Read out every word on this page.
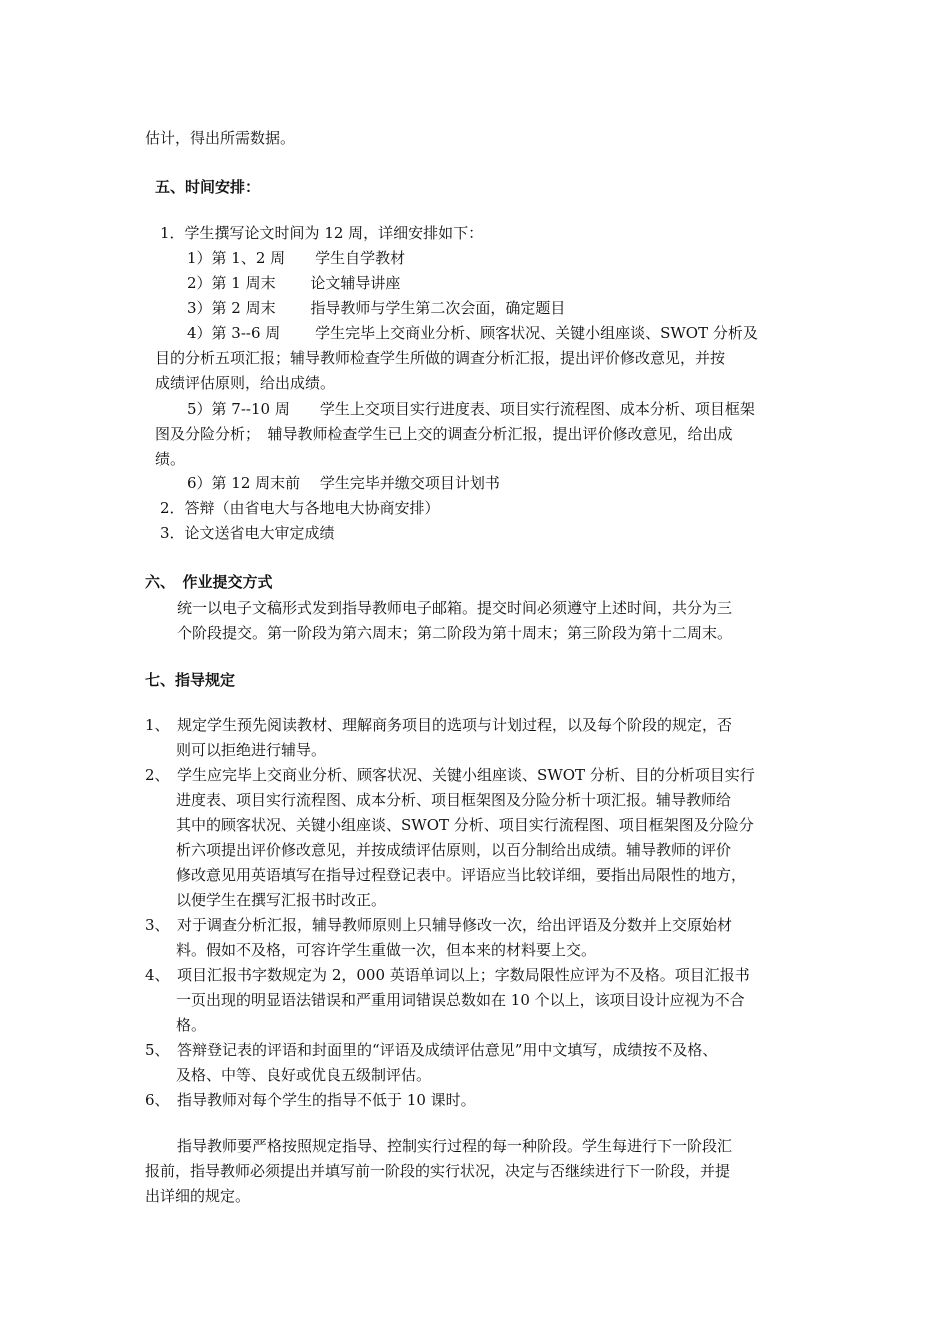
估计，得出所需数据。
五、时间安排：
1．学生撰写论文时间为 12 周，详细安排如下：
1）第 1、2 周　　学生自学教材
2）第 1 周末　　 论文辅导讲座
3）第 2 周末　　 指导教师与学生第二次会面，确定题目
4）第 3--6 周　　 学生完毕上交商业分析、顾客状况、关键小组座谈、SWOT 分析及
目的分析五项汇报；辅导教师检查学生所做的调查分析汇报，提出评价修改意见，并按
成绩评估原则，给出成绩。
5）第 7--10 周　　学生上交项目实行进度表、项目实行流程图、成本分析、项目框架
图及分险分析；　辅导教师检查学生已上交的调查分析汇报，提出评价修改意见，给出成
绩。
6）第 12 周末前　 学生完毕并缴交项目计划书
2．答辩（由省电大与各地电大协商安排）
3．论文送省电大审定成绩
六、　作业提交方式
统一以电子文稿形式发到指导教师电子邮箱。提交时间必须遵守上述时间，共分为三
个阶段提交。第一阶段为第六周末；第二阶段为第十周末；第三阶段为第十二周末。
七、指导规定
1、　规定学生预先阅读教材、理解商务项目的选项与计划过程，以及每个阶段的规定，否
则可以拒绝进行辅导。
2、　学生应完毕上交商业分析、顾客状况、关键小组座谈、SWOT 分析、目的分析项目实行
进度表、项目实行流程图、成本分析、项目框架图及分险分析十项汇报。辅导教师给
其中的顾客状况、关键小组座谈、SWOT 分析、项目实行流程图、项目框架图及分险分
析六项提出评价修改意见，并按成绩评估原则，以百分制给出成绩。辅导教师的评价
修改意见用英语填写在指导过程登记表中。评语应当比较详细，要指出局限性的地方，
以便学生在撰写汇报书时改正。
3、　对于调查分析汇报，辅导教师原则上只辅导修改一次，给出评语及分数并上交原始材
料。假如不及格，可容许学生重做一次，但本来的材料要上交。
4、　项目汇报书字数规定为 2，000 英语单词以上；字数局限性应评为不及格。项目汇报书
一页出现的明显语法错误和严重用词错误总数如在 10 个以上，该项目设计应视为不合
格。
5、　答辩登记表的评语和封面里的“评语及成绩评估意见”用中文填写，成绩按不及格、
及格、中等、良好或优良五级制评估。
6、　指导教师对每个学生的指导不低于 10 课时。
指导教师要严格按照规定指导、控制实行过程的每一种阶段。学生每进行下一阶段汇
报前，指导教师必须提出并填写前一阶段的实行状况，决定与否继续进行下一阶段，并提
出详细的规定。
